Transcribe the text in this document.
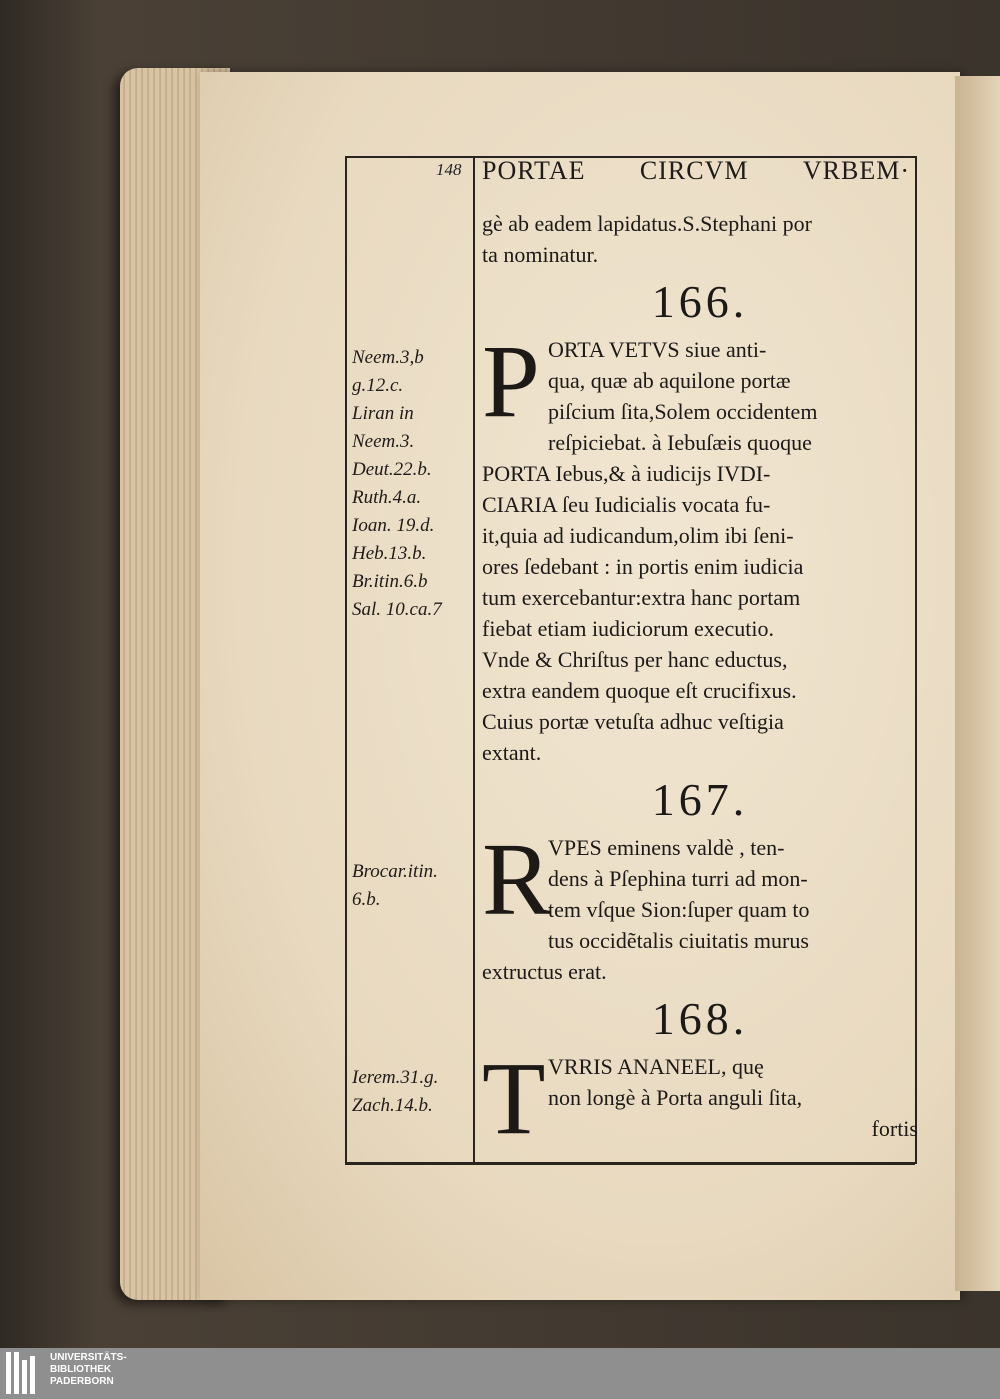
148 PORTAE CIRCVM VRBEM·
gè ab eadem lapidatus.S.Stephani por
ta nominatur.
166.
P ORTA VETVS siue anti-
qua, quæ ab aquilone portæ
piſcium ſita,Solem occidentem
reſpiciebat. à Iebuſæis quoque
PORTA Iebus,& à iudicijs IVDI-
CIARIA ſeu Iudicialis vocata fu-
it,quia ad iudicandum,olim ibi ſeni-
ores ſedebant : in portis enim iudicia
tum exercebantur:extra hanc portam
fiebat etiam iudiciorum executio.
Vnde & Chriſtus per hanc eductus,
extra eandem quoque eſt crucifixus.
Cuius portæ vetuſta adhuc veſtigia
extant.
167.
R
VPES eminens valdè , ten-
dens à Pſephina turri ad mon-
tem vſque Sion:ſuper quam to
tus occidẽtalis ciuitatis murus
extructus erat.
168.
T VRRIS ANANEEL, quę
non longè à Porta anguli ſita,
fortis
Neem.3,b
g.12.c.
Liran in
Neem.3.
Deut.22.b.
Ruth.4.a.
Ioan. 19.d.
Heb.13.b.
Br.itin.6.b
Sal. 10.ca.7
Brocar.itin.
6.b.
Ierem.31.g.
Zach.14.b.
UNIVERSITÄTS-
BIBLIOTHEK
PADERBORN
